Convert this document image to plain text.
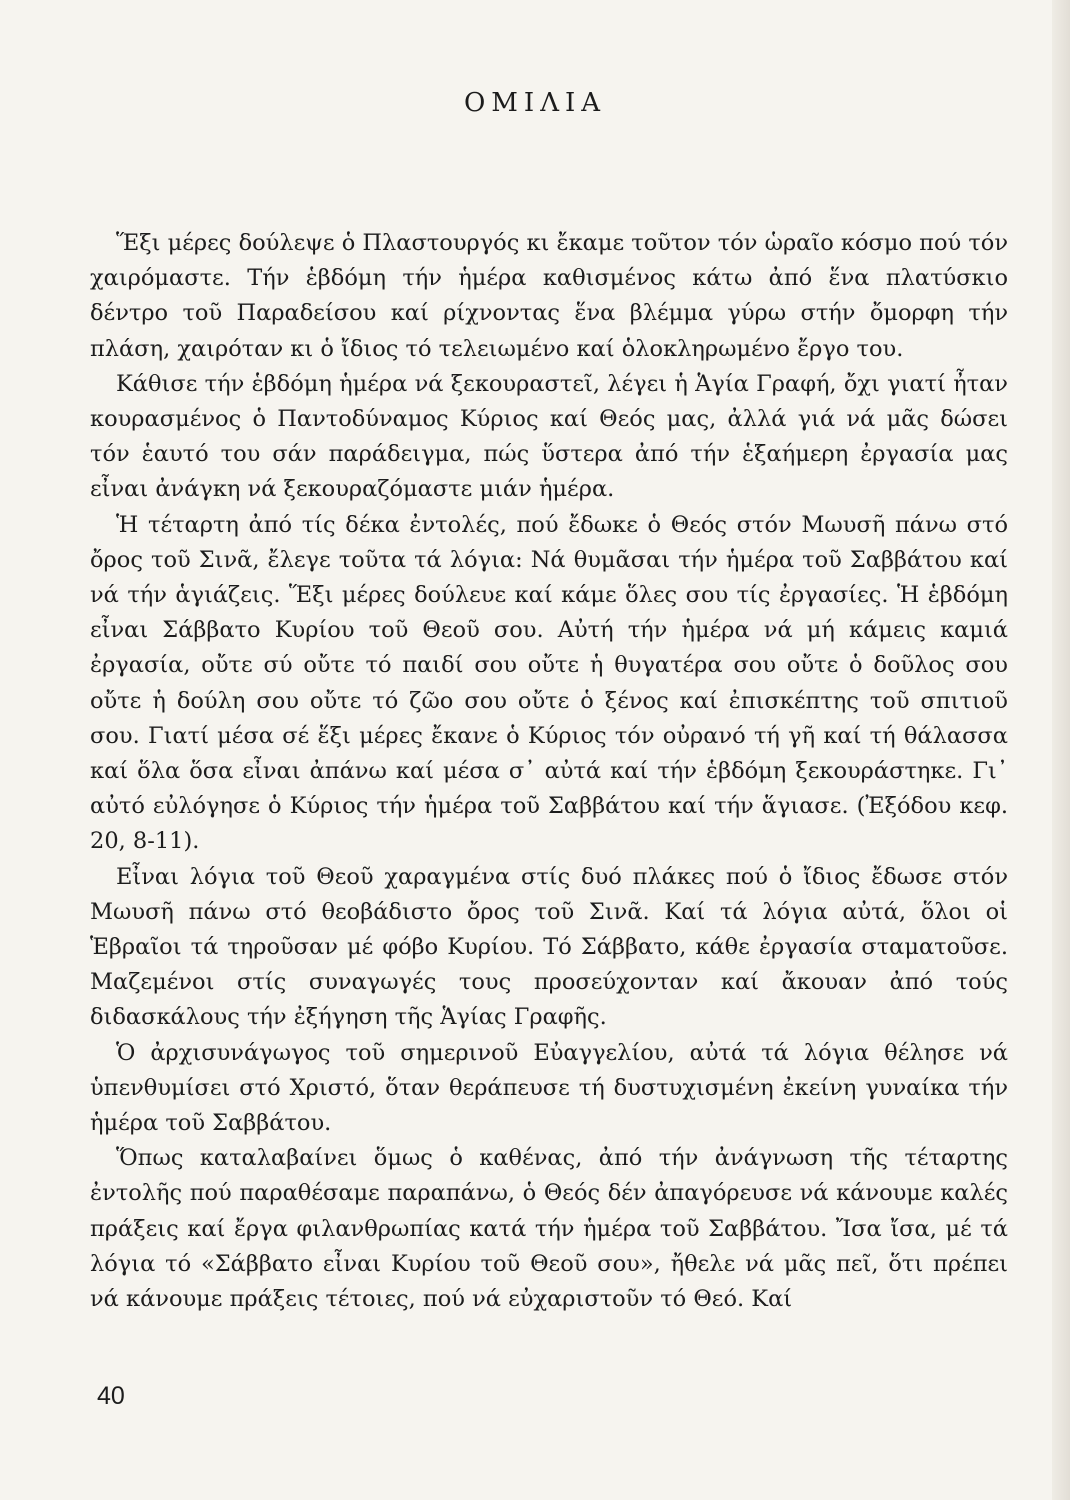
ΟΜΙΛΙΑ

Ἕξι μέρες δούλεψε ὁ Πλαστουργός κι ἔκαμε τοῦτον τόν ὡραῖο κόσμο πού τόν χαιρόμαστε. Τήν ἑβδόμη τήν ἡμέρα καθισμένος κάτω ἀπό ἕνα πλατύσκιο δέντρο τοῦ Παραδείσου καί ρίχνοντας ἕνα βλέμμα γύρω στήν ὄμορφη τήν πλάση, χαιρόταν κι ὁ ἴδιος τό τελειωμένο καί ὁλοκληρωμένο ἔργο του.

Κάθισε τήν ἑβδόμη ἡμέρα νά ξεκουραστεῖ, λέγει ἡ Ἁγία Γραφή, ὄχι γιατί ἦταν κουρασμένος ὁ Παντοδύναμος Κύριος καί Θεός μας, ἀλλά γιά νά μᾶς δώσει τόν ἑαυτό του σάν παράδειγμα, πώς ὕστερα ἀπό τήν ἑξαήμερη ἐργασία μας εἶναι ἀνάγκη νά ξεκουραζόμαστε μιάν ἡμέρα.

Ἡ τέταρτη ἀπό τίς δέκα ἐντολές, πού ἔδωκε ὁ Θεός στόν Μωυσῆ πάνω στό ὄρος τοῦ Σινᾶ, ἔλεγε τοῦτα τά λόγια: Νά θυμᾶσαι τήν ἡμέρα τοῦ Σαββάτου καί νά τήν ἁγιάζεις. Ἕξι μέρες δούλευε καί κάμε ὅλες σου τίς ἐργασίες. Ἡ ἑβδόμη εἶναι Σάββατο Κυρίου τοῦ Θεοῦ σου. Αὐτή τήν ἡμέρα νά μή κάμεις καμιά ἐργασία, οὔτε σύ οὔτε τό παιδί σου οὔτε ἡ θυγατέρα σου οὔτε ὁ δοῦλος σου οὔτε ἡ δούλη σου οὔτε τό ζῶο σου οὔτε ὁ ξένος καί ἐπισκέπτης τοῦ σπιτιοῦ σου. Γιατί μέσα σέ ἕξι μέρες ἔκανε ὁ Κύριος τόν οὐρανό τή γῆ καί τή θάλασσα καί ὅλα ὅσα εἶναι ἀπάνω καί μέσα σ᾽ αὐτά καί τήν ἑβδόμη ξεκουράστηκε. Γι᾽ αὐτό εὐλόγησε ὁ Κύριος τήν ἡμέρα τοῦ Σαββάτου καί τήν ἅγιασε. (Ἐξόδου κεφ. 20, 8-11).

Εἶναι λόγια τοῦ Θεοῦ χαραγμένα στίς δυό πλάκες πού ὁ ἴδιος ἔδωσε στόν Μωυσῆ πάνω στό θεοβάδιστο ὄρος τοῦ Σινᾶ. Καί τά λόγια αὐτά, ὅλοι οἱ Ἑβραῖοι τά τηροῦσαν μέ φόβο Κυρίου. Τό Σάββατο, κάθε ἐργασία σταματοῦσε. Μαζεμένοι στίς συναγωγές τους προσεύχονταν καί ἄκουαν ἀπό τούς διδασκάλους τήν ἐξήγηση τῆς Ἁγίας Γραφῆς.

Ὁ ἀρχισυνάγωγος τοῦ σημερινοῦ Εὐαγγελίου, αὐτά τά λόγια θέλησε νά ὑπενθυμίσει στό Χριστό, ὅταν θεράπευσε τή δυστυχισμένη ἐκείνη γυναίκα τήν ἡμέρα τοῦ Σαββάτου.

Ὅπως καταλαβαίνει ὅμως ὁ καθένας, ἀπό τήν ἀνάγνωση τῆς τέταρτης ἐντολῆς πού παραθέσαμε παραπάνω, ὁ Θεός δέν ἀπαγόρευσε νά κάνουμε καλές πράξεις καί ἔργα φιλανθρωπίας κατά τήν ἡμέρα τοῦ Σαββάτου. Ἴσα ἴσα, μέ τά λόγια τό «Σάββατο εἶναι Κυρίου τοῦ Θεοῦ σου», ἤθελε νά μᾶς πεῖ, ὅτι πρέπει νά κάνουμε πράξεις τέτοιες, πού νά εὐχαριστοῦν τό Θεό. Καί

40
